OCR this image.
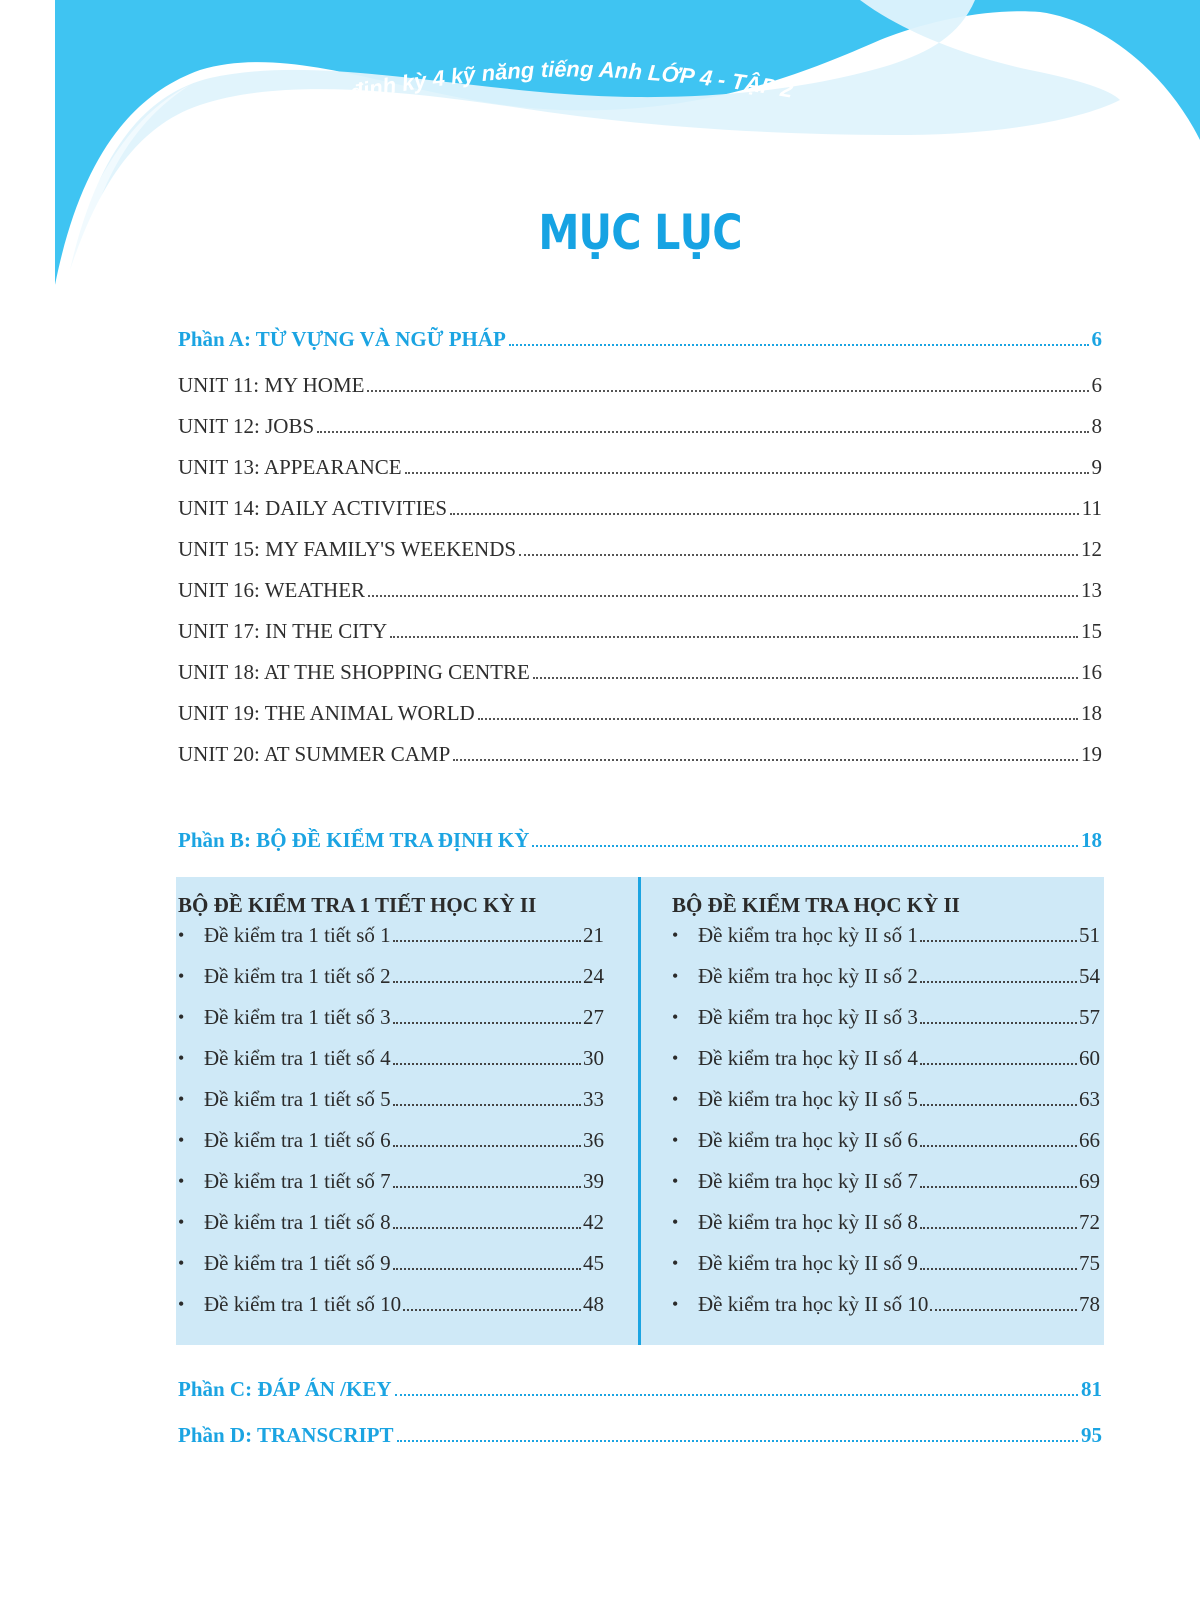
Bộ đề kiểm tra định kỳ 4 kỹ năng tiếng Anh LỚP 4 - TẬP 2
MỤC LỤC
Phần A: TỪ VỰNG VÀ NGỮ PHÁP	6
UNIT 11: MY HOME	6
UNIT 12: JOBS	8
UNIT 13: APPEARANCE	9
UNIT 14: DAILY ACTIVITIES	11
UNIT 15: MY FAMILY'S WEEKENDS	12
UNIT 16: WEATHER	13
UNIT 17: IN THE CITY	15
UNIT 18: AT THE SHOPPING CENTRE	16
UNIT 19: THE ANIMAL WORLD	18
UNIT 20: AT SUMMER CAMP	19
Phần B: BỘ ĐỀ KIỂM TRA ĐỊNH KỲ	18
BỘ ĐỀ KIỂM TRA 1 TIẾT HỌC KỲ II	BỘ ĐỀ KIỂM TRA HỌC KỲ II
• Đề kiểm tra 1 tiết số 1	21
• Đề kiểm tra 1 tiết số 2	24
• Đề kiểm tra 1 tiết số 3	27
• Đề kiểm tra 1 tiết số 4	30
• Đề kiểm tra 1 tiết số 5	33
• Đề kiểm tra 1 tiết số 6	36
• Đề kiểm tra 1 tiết số 7	39
• Đề kiểm tra 1 tiết số 8	42
• Đề kiểm tra 1 tiết số 9	45
• Đề kiểm tra 1 tiết số 10	48
• Đề kiểm tra học kỳ II số 1	51
• Đề kiểm tra học kỳ II số 2	54
• Đề kiểm tra học kỳ II số 3	57
• Đề kiểm tra học kỳ II số 4	60
• Đề kiểm tra học kỳ II số 5	63
• Đề kiểm tra học kỳ II số 6	66
• Đề kiểm tra học kỳ II số 7	69
• Đề kiểm tra học kỳ II số 8	72
• Đề kiểm tra học kỳ II số 9	75
• Đề kiểm tra học kỳ II số 10	78
Phần C: ĐÁP ÁN /KEY	81
Phần D: TRANSCRIPT	95
